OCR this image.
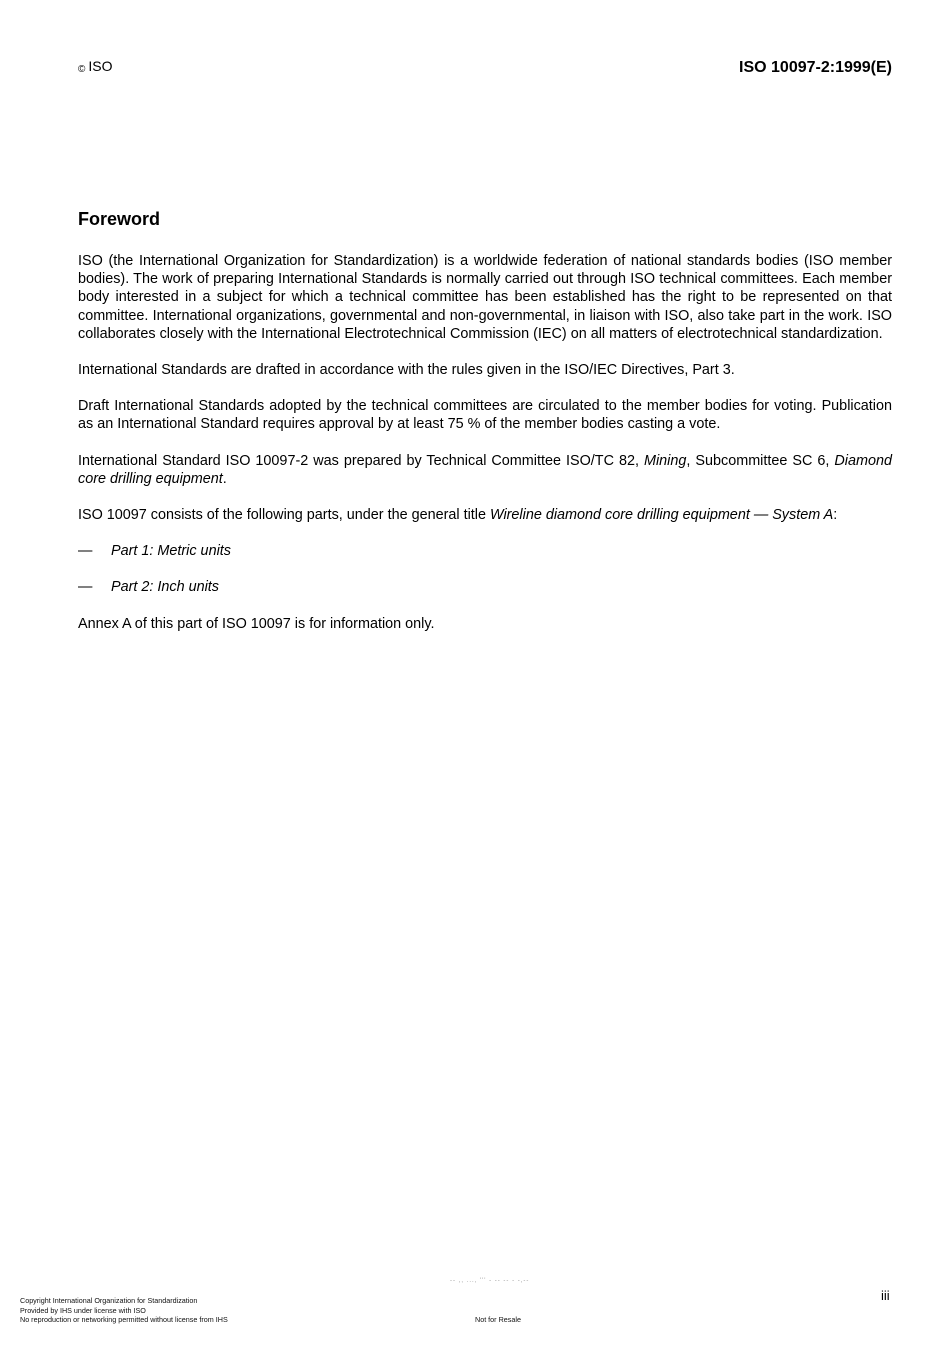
© ISO	ISO 10097-2:1999(E)
Foreword

ISO (the International Organization for Standardization) is a worldwide federation of national standards bodies (ISO member bodies). The work of preparing International Standards is normally carried out through ISO technical committees. Each member body interested in a subject for which a technical committee has been established has the right to be represented on that committee. International organizations, governmental and non-governmental, in liaison with ISO, also take part in the work. ISO collaborates closely with the International Electrotechnical Commission (IEC) on all matters of electrotechnical standardization.

International Standards are drafted in accordance with the rules given in the ISO/IEC Directives, Part 3.

Draft International Standards adopted by the technical committees are circulated to the member bodies for voting. Publication as an International Standard requires approval by at least 75 % of the member bodies casting a vote.

International Standard ISO 10097-2 was prepared by Technical Committee ISO/TC 82, Mining, Subcommittee SC 6, Diamond core drilling equipment.

ISO 10097 consists of the following parts, under the general title Wireline diamond core drilling equipment — System A:

—	Part 1: Metric units
—	Part 2: Inch units

Annex A of this part of ISO 10097 is for information only.

-- ,, ..., ''' - -- -- - -,--
iii
Copyright International Organization for Standardization
Provided by IHS under license with ISO
No reproduction or networking permitted without license from IHS	Not for Resale
